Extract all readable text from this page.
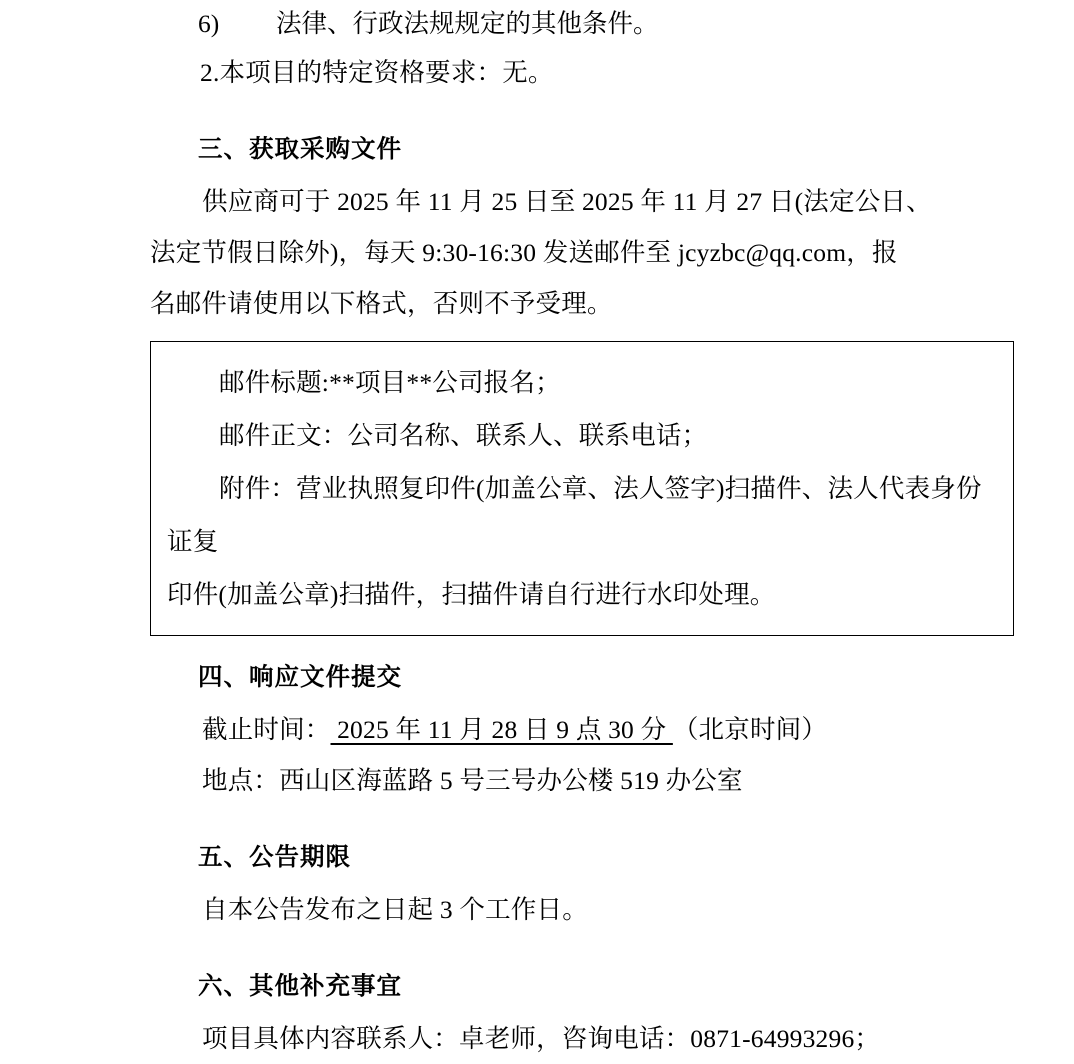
6) 法律、行政法规规定的其他条件。
2.本项目的特定资格要求：无。
三、获取采购文件
供应商可于 2025 年 11 月 25 日至 2025 年 11 月 27 日(法定公日、
法定节假日除外)，每天 9:30-16:30 发送邮件至 jcyzbc@qq.com，报
名邮件请使用以下格式，否则不予受理。
邮件标题:**项目**公司报名；
邮件正文：公司名称、联系人、联系电话；
附件：营业执照复印件(加盖公章、法人签字)扫描件、法人代表身份证复
印件(加盖公章)扫描件，扫描件请自行进行水印处理。
四、响应文件提交
截止时间： 2025 年 11 月 28 日 9 点 30 分 （北京时间）
地点：西山区海蓝路 5 号三号办公楼 519 办公室
五、公告期限
自本公告发布之日起 3 个工作日。
六、其他补充事宜
项目具体内容联系人：卓老师，咨询电话：0871-64993296；
